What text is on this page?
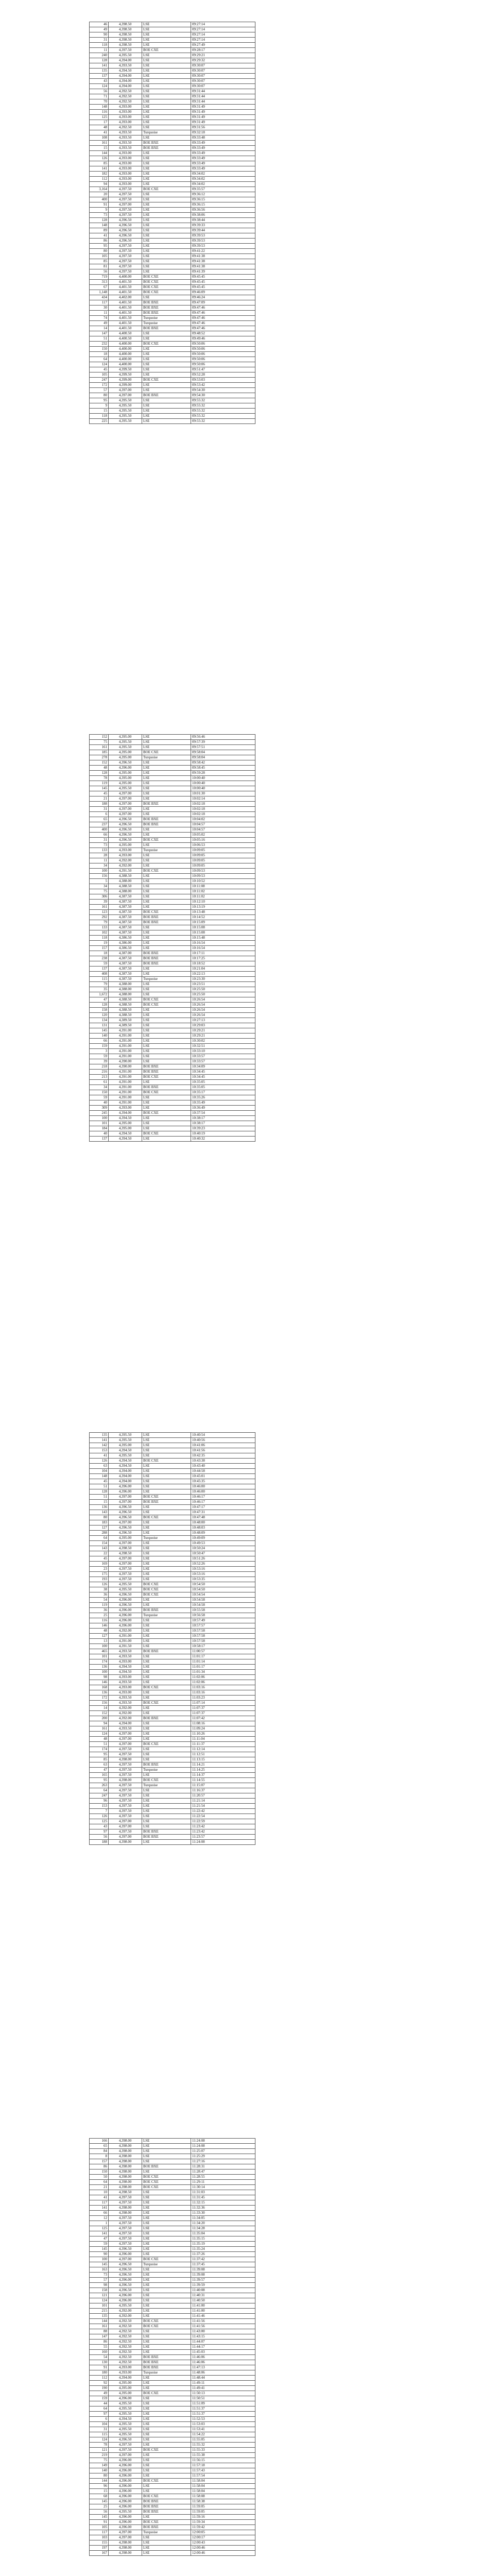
46	4,398.50	LSE	09:27:14
49	4,398.50	LSE	09:27:14
90	4,398.50	LSE	09:27:14
31	4,398.50	LSE	09:27:14
118	4,398.50	LSE	09:27:49
11	4,397.50	BOE CXE	09:28:17
240	4,395.50	LSE	09:29:21
128	4,394.00	LSE	09:29:32
141	4,393.50	LSE	09:30:07
135	4,394.50	LSE	09:30:07
137	4,394.00	LSE	09:30:07
43	4,394.00	LSE	09:30:07
124	4,394.00	LSE	09:30:07
56	4,392.50	LSE	09:31:44
71	4,392.50	LSE	09:31:44
70	4,392.50	LSE	09:31:44
148	4,393.00	LSE	09:31:49
116	4,393.00	LSE	09:31:49
125	4,393.00	LSE	09:31:49
17	4,393.00	LSE	09:31:49
48	4,392.50	LSE	09:31:56
41	4,393.50	Turquoise	09:32:18
108	4,393.50	LSE	09:33:48
161	4,393.50	BOE BXE	09:33:49
15	4,393.50	BOE BXE	09:33:49
144	4,393.00	LSE	09:33:49
126	4,393.00	LSE	09:33:49
85	4,393.00	LSE	09:33:49
141	4,393.00	LSE	09:33:49
182	4,393.00	LSE	09:34:02
112	4,393.00	LSE	09:34:02
94	4,393.00	LSE	09:34:02
3,164	4,397.50	BOE CXE	09:35:57
20	4,397.50	LSE	09:36:12
400	4,397.50	LSE	09:36:15
91	4,397.00	LSE	09:36:15
9	4,397.50	LSE	09:36:56
73	4,397.50	LSE	09:38:06
128	4,396.50	LSE	09:38:44
148	4,396.50	LSE	09:39:33
89	4,396.50	LSE	09:39:44
41	4,396.50	LSE	09:39:53
86	4,396.50	LSE	09:39:53
95	4,397.50	LSE	09:39:53
80	4,397.50	LSE	09:41:22
105	4,397.50	LSE	09:41:38
85	4,397.50	LSE	09:41:38
81	4,397.50	LSE	09:41:38
56	4,397.50	LSE	09:41:39
719	4,400.00	BOE CXE	09:45:45
313	4,401.50	BOE CXE	09:45:45
67	4,401.50	BOE CXE	09:45:45
1,148	4,401.50	BOE CXE	09:46:09
434	4,402.00	LSE	09:46:24
117	4,401.50	BOE BXE	09:47:09
30	4,401.50	BOE BXE	09:47:46
11	4,401.50	BOE BXE	09:47:46
74	4,401.50	Turquoise	09:47:46
49	4,401.50	Turquoise	09:47:46
14	4,401.50	BOE BXE	09:47:46
147	4,400.50	LSE	09:48:52
51	4,400.50	LSE	09:49:46
232	4,400.00	BOE CXE	09:50:06
150	4,400.00	LSE	09:50:06
18	4,400.00	LSE	09:50:06
64	4,400.00	LSE	09:50:06
124	4,400.00	LSE	09:50:06
45	4,399.50	LSE	09:51:47
105	4,399.50	LSE	09:52:28
247	4,399.00	BOE CXE	09:53:03
172	4,399.00	LSE	09:53:42
57	4,397.00	LSE	09:54:30
80	4,397.00	BOE BXE	09:54:30
95	4,395.50	LSE	09:55:32
9	4,395.50	LSE	09:55:32
15	4,395.50	LSE	09:55:32
118	4,395.50	LSE	09:55:32
225	4,395.50	LSE	09:55:32
152	4,395.00	LSE	09:56:46
75	4,395.50	LSE	09:57:39
161	4,395.50	LSE	09:57:51
185	4,395.00	BOE CXE	09:58:04
278	4,395.00	Turquoise	09:58:04
152	4,396.50	LSE	09:58:42
48	4,396.00	LSE	09:58:45
128	4,395.00	LSE	09:59:28
78	4,395.00	LSE	10:00:40
119	4,395.00	LSE	10:00:40
145	4,395.50	LSE	10:00:40
45	4,397.00	LSE	10:01:30
21	4,397.00	LSE	10:02:14
188	4,397.00	BOE BXE	10:02:18
31	4,397.00	LSE	10:02:18
6	4,397.00	LSE	10:02:18
65	4,396.50	BOE BXE	10:04:02
237	4,396.50	BOE BXE	10:04:57
400	4,396.50	LSE	10:04:57
66	4,396.50	LSE	10:05:02
31	4,396.50	BOE CXE	10:05:16
73	4,395.00	LSE	10:06:53
133	4,393.00	Turquoise	10:09:05
28	4,393.00	LSE	10:09:05
11	4,392.00	LSE	10:09:05
34	4,392.00	LSE	10:09:05
100	4,391.50	BOE CXE	10:09:53
156	4,388.50	LSE	10:09:53
5	4,388.00	LSE	10:10:52
34	4,388.50	LSE	10:11:08
75	4,388.00	LSE	10:11:02
306	4,387.50	LSE	10:11:02
39	4,387.50	LSE	10:12:10
161	4,387.50	LSE	10:13:19
123	4,387.50	BOE CXE	10:13:48
292	4,387.50	BOE BXE	10:14:52
79	4,387.50	BOE BXE	10:15:09
133	4,387.50	LSE	10:15:08
102	4,387.50	LSE	10:15:08
118	4,386.50	LSE	10:15:48
19	4,386.00	LSE	10:16:54
157	4,386.50	LSE	10:16:54
18	4,387.00	BOE BXE	10:17:11
238	4,387.50	BOE BXE	10:17:25
59	4,387.50	BOE BXE	10:18:52
137	4,387.50	LSE	10:21:04
408	4,387.50	LSE	10:22:13
115	4,387.50	Turquoise	10:23:30
79	4,388.00	LSE	10:23:51
35	4,388.00	LSE	10:25:50
1,672	4,388.00	LSE	10:25:50
47	4,388.50	BOE CXE	10:26:54
128	4,388.50	BOE CXE	10:26:54
158	4,388.50	LSE	10:26:54
120	4,388.50	LSE	10:26:54
134	4,389.50	LSE	10:27:13
131	4,389.50	LSE	10:29:03
145	4,391.00	LSE	10:29:21
140	4,391.00	LSE	10:29:21
66	4,391.00	LSE	10:30:02
159	4,391.00	LSE	10:32:51
3	4,391.00	LSE	10:33:10
59	4,391.00	LSE	10:33:57
39	4,390.00	LSE	10:33:57
218	4,390.00	BOE BXE	10:34:09
216	4,391.00	BOE BXE	10:34:45
213	4,391.00	BOE CXE	10:34:45
61	4,391.00	LSE	10:35:05
34	4,391.00	BOE BXE	10:35:05
150	4,391.00	BOE CXE	10:35:17
59	4,391.00	LSE	10:35:26
40	4,391.00	LSE	10:35:49
309	4,393.00	LSE	10:36:49
245	4,394.00	BOE CXE	10:37:54
100	4,394.50	LSE	10:38:17
101	4,395.00	LSE	10:38:17
184	4,395.00	LSE	10:39:23
40	4,394.50	BOE CXE	10:40:19
137	4,394.50	LSE	10:40:32
135	4,395.50	LSE	10:40:54
141	4,395.50	LSE	10:40:56
142	4,395.00	LSE	10:41:06
153	4,394.50	LSE	10:41:56
41	4,395.50	LSE	10:42:35
126	4,394.50	BOE CXE	10:43:38
63	4,394.50	LSE	10:43:40
104	4,394.00	LSE	10:44:58
148	4,394.00	LSE	10:45:01
45	4,394.00	LSE	10:45:35
51	4,396.00	LSE	10:46:00
128	4,396.00	LSE	10:46:00
51	4,397.00	BOE CXE	10:46:17
15	4,397.00	BOE BXE	10:46:17
136	4,396.50	LSE	10:47:17
143	4,396.50	LSE	10:47:31
80	4,396.50	BOE CXE	10:47:48
183	4,397.00	LSE	10:48:00
127	4,396.50	LSE	10:48:03
288	4,396.50	LSE	10:48:09
64	4,395.00	Turquoise	10:49:09
154	4,397.00	LSE	10:49:53
143	4,398.50	LSE	10:50:24
22	4,398.50	LSE	10:50:47
45	4,397.00	LSE	10:51:26
169	4,397.00	LSE	10:52:26
23	4,397.50	LSE	10:53:16
175	4,397.50	LSE	10:53:16
193	4,397.50	LSE	10:53:35
126	4,395.50	BOE CXE	10:54:50
38	4,395.50	BOE CXE	10:54:50
36	4,396.50	BOE CXE	10:54:54
54	4,396.00	LSE	10:54:58
119	4,396.50	LSE	10:54:58
36	4,396.00	BOE BXE	10:55:58
25	4,396.00	Turquoise	10:56:58
116	4,396.00	LSE	10:57:49
146	4,396.00	LSE	10:57:57
48	4,392.00	LSE	10:57:58
127	4,391.00	LSE	10:57:58
13	4,391.00	LSE	10:57:58
100	4,391.50	LSE	10:58:17
465	4,393.50	BOE BXE	11:00:57
101	4,393.50	LSE	11:01:17
174	4,393.00	LSE	11:01:14
136	4,394.50	LSE	11:01:17
100	4,394.50	LSE	11:01:34
98	4,393.00	LSE	11:02:06
146	4,393.50	LSE	11:02:06
168	4,393.00	BOE CXE	11:03:16
136	4,393.00	LSE	11:03:16
172	4,393.50	LSE	11:03:23
156	4,393.50	BOE CXE	11:07:14
14	4,392.00	LSE	11:07:37
152	4,392.00	LSE	11:07:37
200	4,392.00	BOE BXE	11:07:42
94	4,394.00	LSE	11:08:16
161	4,393.50	LSE	11:09:24
124	4,397.00	LSE	11:10:26
48	4,397.00	LSE	11:11:04
51	4,397.00	BOE CXE	11:11:37
174	4,397.50	LSE	11:12:14
95	4,397.50	LSE	11:12:51
85	4,398.00	LSE	11:13:15
63	4,397.50	BOE BXE	11:14:21
47	4,397.50	Turquoise	11:14:25
165	4,397.50	LSE	11:14:37
95	4,398.00	BOE CXE	11:14:55
263	4,397.50	Turquoise	11:15:07
64	4,397.50	LSE	11:16:37
247	4,397.50	LSE	11:20:57
96	4,397.50	LSE	11:21:14
153	4,397.50	LSE	11:21:54
7	4,397.50	LSE	11:22:42
126	4,397.50	LSE	11:22:54
125	4,397.00	LSE	11:22:59
43	4,397.00	LSE	11:23:42
97	4,397.50	BOE BXE	11:23:42
56	4,397.00	BOE BXE	11:23:57
188	4,398.00	LSE	11:24:08
166	4,398.00	LSE	11:24:08
65	4,398.00	LSE	11:24:08
84	4,398.00	LSE	11:25:07
8	4,398.00	LSE	11:25:29
157	4,398.00	LSE	11:27:16
86	4,398.00	BOE BXE	11:28:31
150	4,398.00	LSE	11:28:47
50	4,398.00	BOE CXE	11:28:55
64	4,398.00	BOE CXE	11:29:11
21	4,398.00	BOE CXE	11:30:14
10	4,398.50	LSE	11:31:03
41	4,397.50	LSE	11:31:45
117	4,397.50	LSE	11:32:15
141	4,398.00	LSE	11:32:36
66	4,398.00	LSE	11:33:30
12	4,397.50	LSE	11:34:05
1	4,397.50	LSE	11:34:20
125	4,397.50	LSE	11:34:28
141	4,397.50	LSE	11:35:04
47	4,397.50	LSE	11:35:15
59	4,397.50	LSE	11:35:19
145	4,396.50	LSE	11:35:24
90	4,396.00	LSE	11:37:26
100	4,397.00	BOE CXE	11:37:42
145	4,396.50	Turquoise	11:37:45
163	4,396.50	LSE	11:39:08
73	4,396.50	LSE	11:39:08
57	4,396.00	LSE	11:39:57
98	4,396.50	LSE	11:39:59
158	4,396.50	LSE	11:40:08
121	4,396.00	LSE	11:40:31
124	4,396.00	LSE	11:40:50
101	4,395.50	LSE	11:41:00
215	4,392.00	LSE	11:41:00
135	4,392.00	LSE	11:41:46
144	4,392.50	BOE CXE	11:41:56
161	4,392.50	BOE CXE	11:41:56
88	4,392.50	LSE	11:43:00
147	4,392.50	LSE	11:43:15
86	4,392.50	LSE	11:44:07
55	4,392.50	LSE	11:44:17
160	4,392.50	LSE	11:45:03
54	4,392.50	BOE BXE	11:46:06
130	4,392.50	BOE BXE	11:46:06
91	4,393.00	BOE BXE	11:47:13
180	4,393.00	Turquoise	11:48:06
112	4,394.00	LSE	11:48:44
92	4,395.00	LSE	11:49:11
190	4,395.00	LSE	11:49:41
49	4,395.00	BOE CXE	11:50:13
159	4,396.00	LSE	11:50:51
44	4,395.50	LSE	11:51:09
64	4,395.50	LSE	11:51:37
97	4,395.50	LSE	11:51:37
6	4,394.50	LSE	11:52:53
104	4,395.50	LSE	11:53:03
31	4,395.50	LSE	11:53:41
115	4,395.50	LSE	11:54:22
124	4,396.50	LSE	11:55:05
78	4,397.50	LSE	11:55:32
121	4,397.50	BOE CXE	11:55:33
219	4,397.00	LSE	11:55:38
75	4,396.00	LSE	11:56:15
149	4,396.00	LSE	11:57:18
140	4,396.00	LSE	11:57:43
80	4,396.00	LSE	11:57:54
144	4,396.00	BOE CXE	11:58:04
96	4,396.00	LSE	11:58:04
15	4,396.00	LSE	11:58:04
68	4,396.00	BOE CXE	11:58:08
145	4,396.00	BOE BXE	11:58:38
25	4,396.00	BOE BXE	11:59:05
56	4,395.50	BOE BXE	11:59:05
145	4,396.00	LSE	11:59:16
91	4,396.00	BOE CXE	11:59:34
105	4,396.00	BOE BXE	11:59:42
117	4,397.00	Turquoise	12:00:05
103	4,397.00	LSE	12:00:17
155	4,398.00	LSE	12:00:43
197	4,398.00	LSE	12:00:46
167	4,398.00	LSE	12:00:46
